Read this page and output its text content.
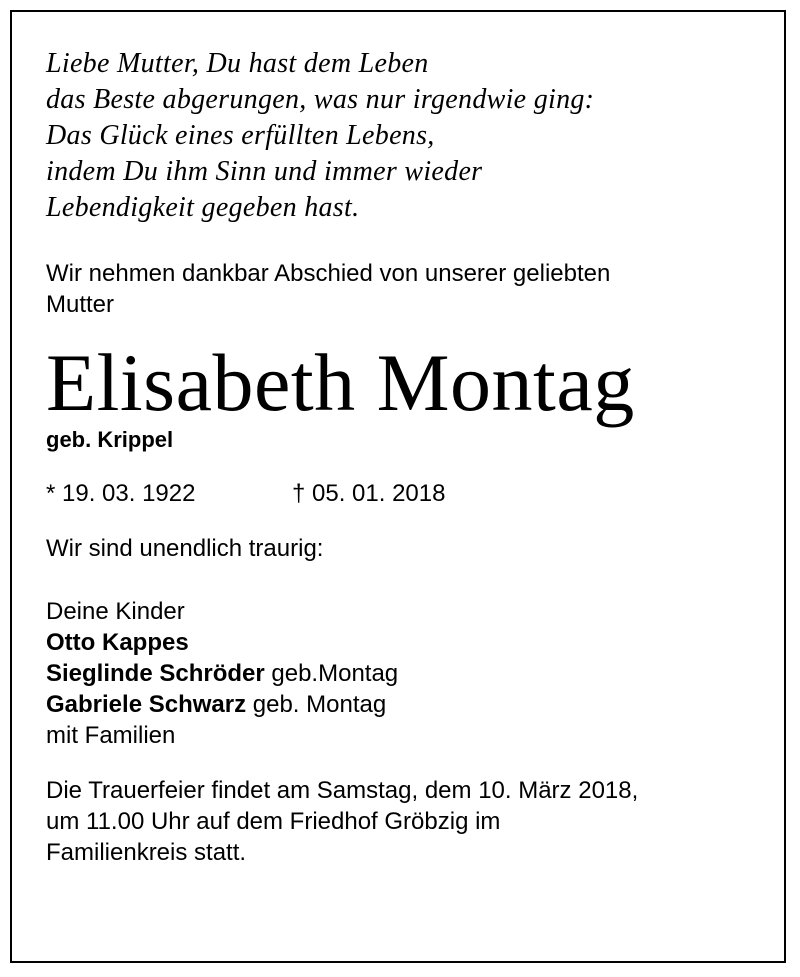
Liebe Mutter, Du hast dem Leben
das Beste abgerungen, was nur irgendwie ging:
Das Glück eines erfüllten Lebens,
indem Du ihm Sinn und immer wieder
Lebendigkeit gegeben hast.
Wir nehmen dankbar Abschied von unserer geliebten
Mutter
Elisabeth Montag
geb. Krippel
* 19. 03. 1922	† 05. 01. 2018
Wir sind unendlich traurig:
Deine Kinder
Otto Kappes
Sieglinde Schröder geb.Montag
Gabriele Schwarz geb. Montag
mit Familien
Die Trauerfeier findet am Samstag, dem 10. März 2018,
um 11.00 Uhr auf dem Friedhof Gröbzig im
Familienkreis statt.
